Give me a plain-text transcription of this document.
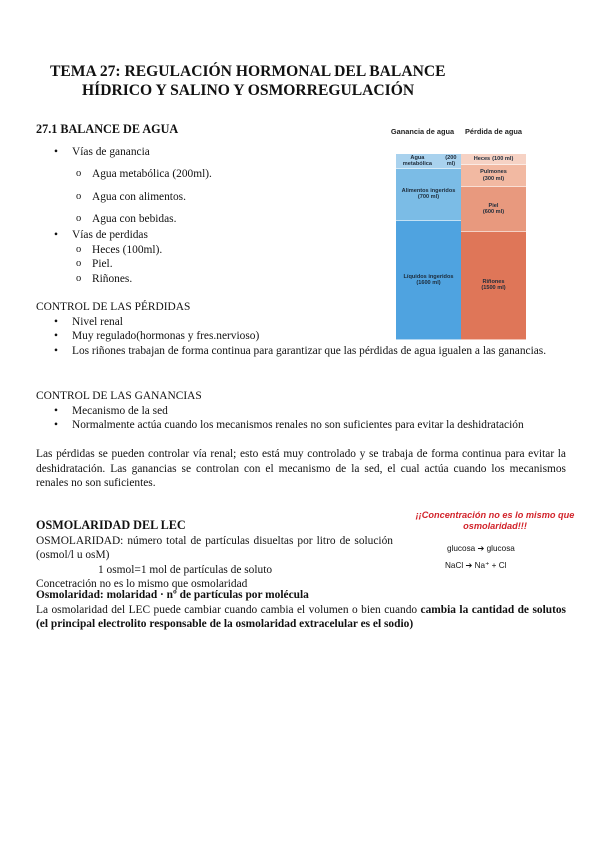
TEMA 27: REGULACIÓN HORMONAL DEL BALANCE
HÍDRICO Y SALINO Y OSMORREGULACIÓN
27.1 BALANCE DE AGUA
• Vías de ganancia
o Agua metabólica (200ml).
o Agua con alimentos.
o Agua con bebidas.
• Vías de perdidas
o Heces (100ml).
o Piel.
o Riñones.
Ganancia de agua	Pérdida de agua
Agua metabólica
(200 ml)
Alimentos ingeridos
(700 ml)
Líquidos ingeridos
(1600 ml)
Heces (100 ml)
Pulmones
(300 ml)
Piel
(600 ml)
Riñones
(1500 ml)
CONTROL DE LAS PÉRDIDAS
• Nivel renal
• Muy regulado(hormonas y fres.nervioso)
• Los riñones trabajan de forma continua para garantizar que las pérdidas de agua igualen a las ganancias.
CONTROL DE LAS GANANCIAS
• Mecanismo de la sed
• Normalmente actúa cuando los mecanismos renales no son suficientes para evitar la deshidratación
Las pérdidas se pueden controlar vía renal; esto está muy controlado y se trabaja de forma continua para evitar la deshidratación. Las ganancias se controlan con el mecanismo de la sed, el cual actúa cuando los mecanismos renales no son suficientes.
OSMOLARIDAD DEL LEC
OSMOLARIDAD: número total de partículas disueltas por litro de solución (osmol/l u osM)
1 osmol=1 mol de partículas de soluto
Concetración no es lo mismo que osmolaridad
Osmolaridad: molaridad · nº de partículas por molécula
La osmolaridad del LEC puede cambiar cuando cambia el volumen o bien cuando cambia la cantidad de solutos (el principal electrolito responsable de la osmolaridad extracelular es el sodio)
¡¡Concentración no es lo mismo que osmolaridad!!!
glucosa ➔ glucosa
NaCl ➔ Na⁺ + Cl
